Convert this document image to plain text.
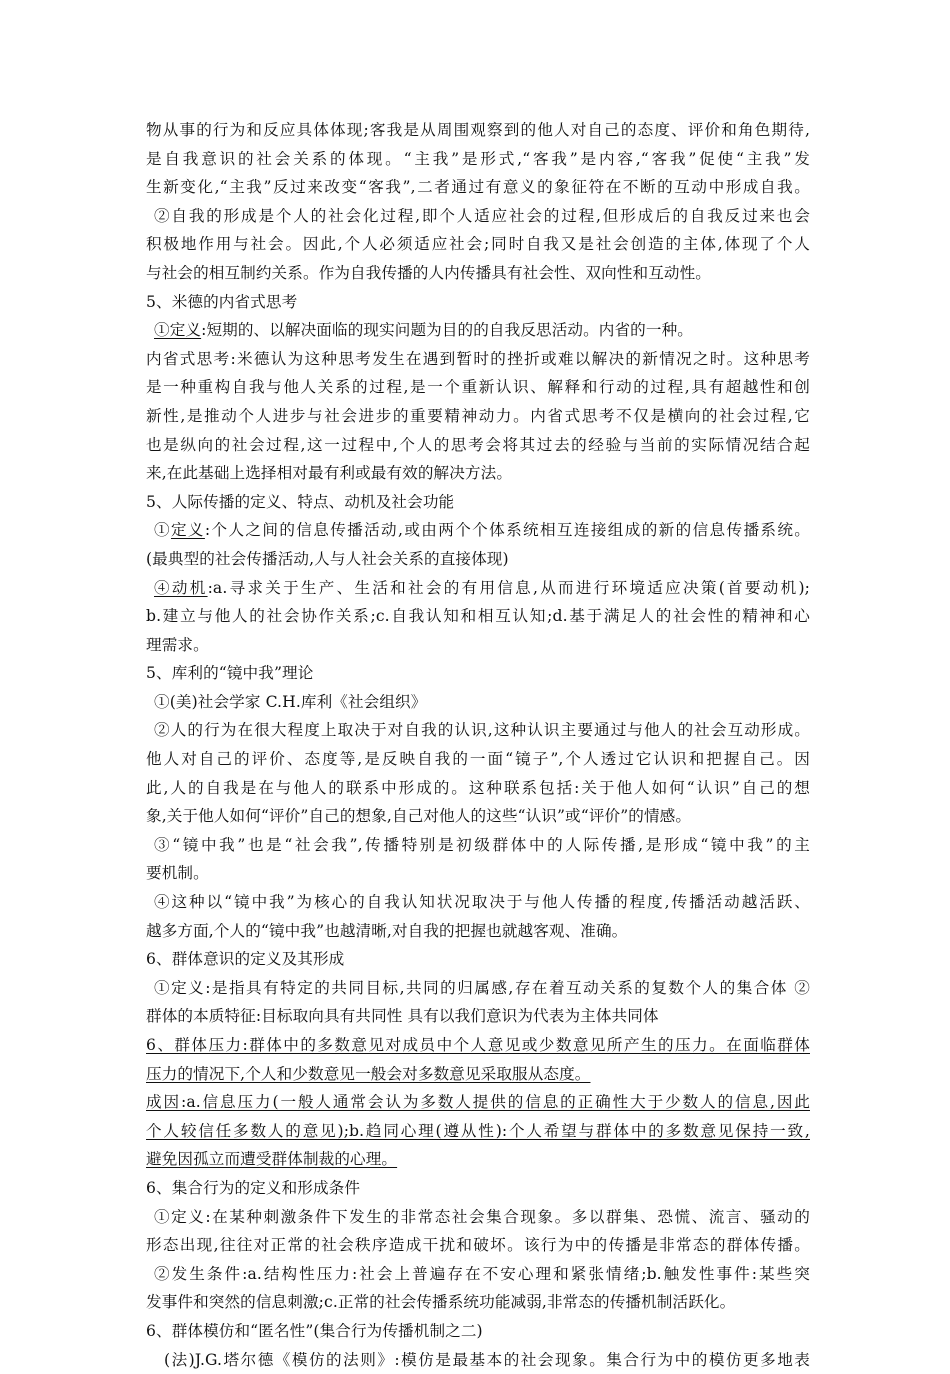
物从事的行为和反应具体体现;客我是从周围观察到的他人对自己的态度、评价和角色期待,
是自我意识的社会关系的体现。“主我”是形式,“客我”是内容,“客我”促使“主我”发
生新变化,“主我”反过来改变“客我”,二者通过有意义的象征符在不断的互动中形成自我。
②自我的形成是个人的社会化过程,即个人适应社会的过程,但形成后的自我反过来也会
积极地作用与社会。因此,个人必须适应社会;同时自我又是社会创造的主体,体现了个人
与社会的相互制约关系。作为自我传播的人内传播具有社会性、双向性和互动性。
5、米德的内省式思考
①定义:短期的、以解决面临的现实问题为目的的自我反思活动。内省的一种。
内省式思考:米德认为这种思考发生在遇到暂时的挫折或难以解决的新情况之时。这种思考
是一种重构自我与他人关系的过程,是一个重新认识、解释和行动的过程,具有超越性和创
新性,是推动个人进步与社会进步的重要精神动力。内省式思考不仅是横向的社会过程,它
也是纵向的社会过程,这一过程中,个人的思考会将其过去的经验与当前的实际情况结合起
来,在此基础上选择相对最有利或最有效的解决方法。
5、人际传播的定义、特点、动机及社会功能
①定义:个人之间的信息传播活动,或由两个个体系统相互连接组成的新的信息传播系统。
(最典型的社会传播活动,人与人社会关系的直接体现)
④动机:a.寻求关于生产、生活和社会的有用信息,从而进行环境适应决策(首要动机);
b.建立与他人的社会协作关系;c.自我认知和相互认知;d.基于满足人的社会性的精神和心
理需求。
5、库利的“镜中我”理论
①(美)社会学家 C.H.库利《社会组织》
②人的行为在很大程度上取决于对自我的认识,这种认识主要通过与他人的社会互动形成。
他人对自己的评价、态度等,是反映自我的一面“镜子”,个人透过它认识和把握自己。因
此,人的自我是在与他人的联系中形成的。这种联系包括:关于他人如何“认识”自己的想
象,关于他人如何“评价”自己的想象,自己对他人的这些“认识”或“评价”的情感。
③“镜中我”也是“社会我”,传播特别是初级群体中的人际传播,是形成“镜中我”的主
要机制。
④这种以“镜中我”为核心的自我认知状况取决于与他人传播的程度,传播活动越活跃、
越多方面,个人的“镜中我”也越清晰,对自我的把握也就越客观、准确。
6、群体意识的定义及其形成
①定义:是指具有特定的共同目标,共同的归属感,存在着互动关系的复数个人的集合体 ②
群体的本质特征:目标取向具有共同性 具有以我们意识为代表为主体共同体
6、群体压力:群体中的多数意见对成员中个人意见或少数意见所产生的压力。在面临群体
压力的情况下,个人和少数意见一般会对多数意见采取服从态度。
成因:a.信息压力(一般人通常会认为多数人提供的信息的正确性大于少数人的信息,因此
个人较信任多数人的意见);b.趋同心理(遵从性):个人希望与群体中的多数意见保持一致,
避免因孤立而遭受群体制裁的心理。
6、集合行为的定义和形成条件
①定义:在某种刺激条件下发生的非常态社会集合现象。多以群集、恐慌、流言、骚动的
形态出现,往往对正常的社会秩序造成干扰和破坏。该行为中的传播是非常态的群体传播。
②发生条件:a.结构性压力:社会上普遍存在不安心理和紧张情绪;b.触发性事件:某些突
发事件和突然的信息刺激;c.正常的社会传播系统功能减弱,非常态的传播机制活跃化。
6、群体模仿和“匿名性”(集合行为传播机制之二)
(法)J.G.塔尔德《模仿的法则》:模仿是最基本的社会现象。集合行为中的模仿更多地表
